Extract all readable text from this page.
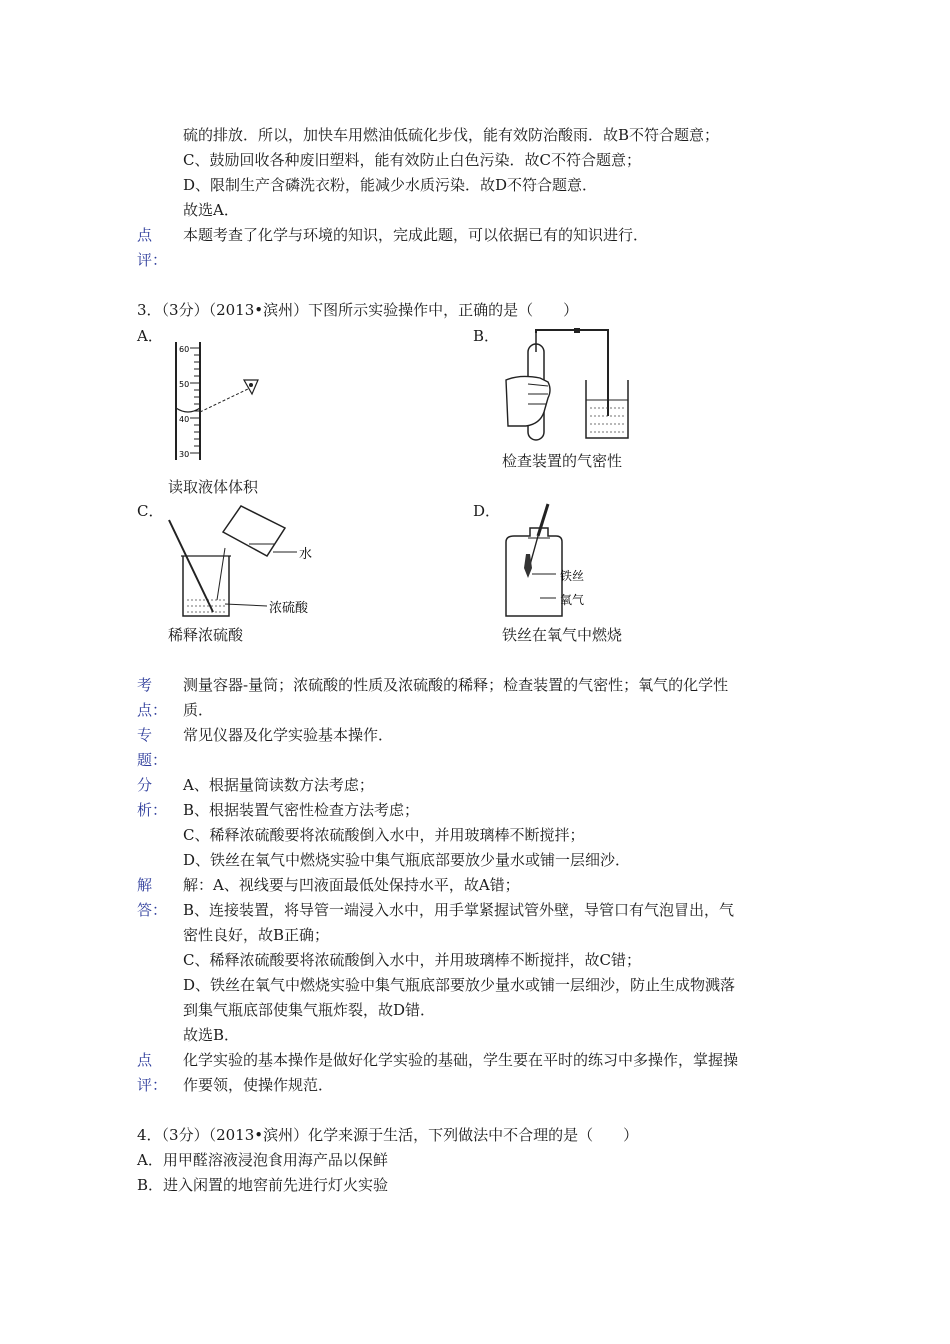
硫的排放．所以，加快车用燃油低硫化步伐，能有效防治酸雨．故B不符合题意；
C、鼓励回收各种废旧塑料，能有效防止白色污染．故C不符合题意；
D、限制生产含磷洗衣粉，能减少水质污染．故D不符合题意．
故选A．
点
评：
本题考查了化学与环境的知识，完成此题，可以依据已有的知识进行．
3．（3分）（2013•滨州）下图所示实验操作中，正确的是（　　）
A．
60
50
40
30
读取液体体积
B．
检查装置的气密性
C．
水
浓硫酸
稀释浓硫酸
D．
铁丝
氧气
铁丝在氧气中燃烧
考
点：
测量容器-量筒；浓硫酸的性质及浓硫酸的稀释；检查装置的气密性；氧气的化学性
质．
专
题：
常见仪器及化学实验基本操作．
分
析：
A、根据量筒读数方法考虑；
B、根据装置气密性检查方法考虑；
C、稀释浓硫酸要将浓硫酸倒入水中，并用玻璃棒不断搅拌；
D、铁丝在氧气中燃烧实验中集气瓶底部要放少量水或铺一层细沙．
解
答：
解：A、视线要与凹液面最低处保持水平，故A错；
B、连接装置，将导管一端浸入水中，用手掌紧握试管外壁，导管口有气泡冒出，气
密性良好，故B正确；
C、稀释浓硫酸要将浓硫酸倒入水中，并用玻璃棒不断搅拌，故C错；
D、铁丝在氧气中燃烧实验中集气瓶底部要放少量水或铺一层细沙，防止生成物溅落
到集气瓶底部使集气瓶炸裂，故D错．
故选B．
点
评：
化学实验的基本操作是做好化学实验的基础，学生要在平时的练习中多操作，掌握操
作要领，使操作规范．
4．（3分）（2013•滨州）化学来源于生活，下列做法中不合理的是（　　）
A．用甲醛溶液浸泡食用海产品以保鲜
B．进入闲置的地窖前先进行灯火实验
